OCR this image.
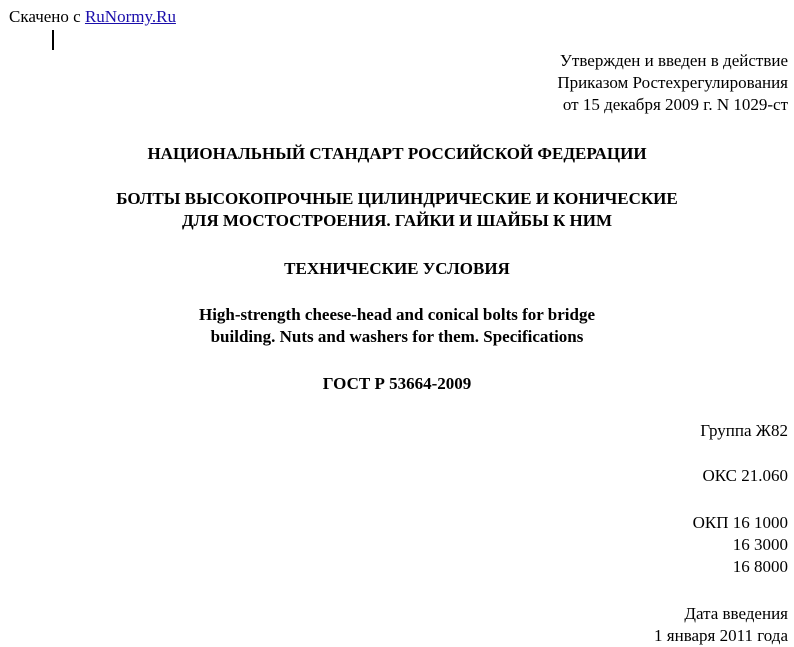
Скачено с RuNormy.Ru
Утвержден и введен в действие
Приказом Ростехрегулирования
от 15 декабря 2009 г. N 1029-ст
НАЦИОНАЛЬНЫЙ СТАНДАРТ РОССИЙСКОЙ ФЕДЕРАЦИИ
БОЛТЫ ВЫСОКОПРОЧНЫЕ ЦИЛИНДРИЧЕСКИЕ И КОНИЧЕСКИЕ
ДЛЯ МОСТОСТРОЕНИЯ. ГАЙКИ И ШАЙБЫ К НИМ
ТЕХНИЧЕСКИЕ УСЛОВИЯ
High-strength cheese-head and conical bolts for bridge
building. Nuts and washers for them. Specifications
ГОСТ Р 53664-2009
Группа Ж82
ОКС 21.060
ОКП 16 1000
16 3000
16 8000
Дата введения
1 января 2011 года
